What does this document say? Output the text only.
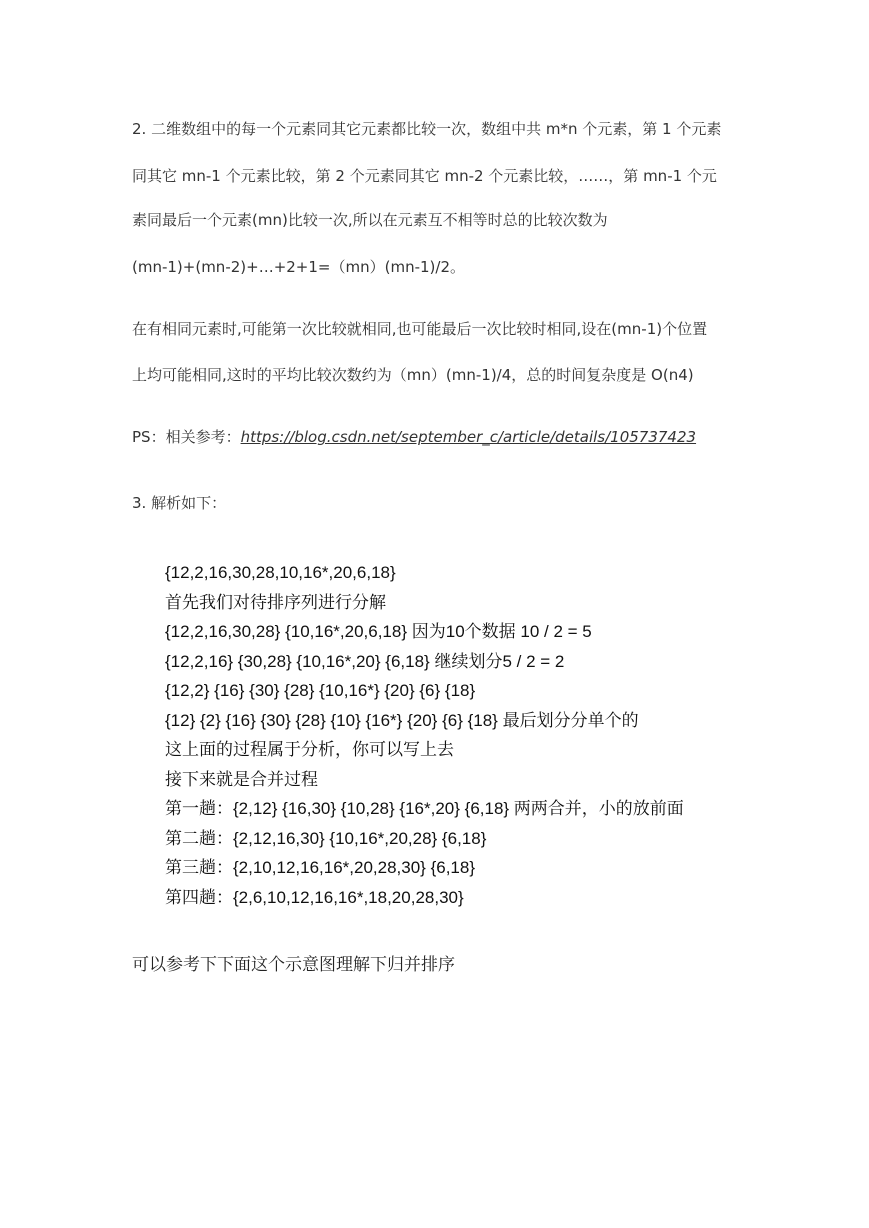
2. 二维数组中的每一个元素同其它元素都比较一次，数组中共 m*n 个元素，第 1 个元素
同其它 mn-1 个元素比较，第 2 个元素同其它 mn-2 个元素比较，……，第 mn-1 个元
素同最后一个元素(mn)比较一次,所以在元素互不相等时总的比较次数为
(mn-1)+(mn-2)+…+2+1=（mn）(mn-1)/2。
在有相同元素时,可能第一次比较就相同,也可能最后一次比较时相同,设在(mn-1)个位置
上均可能相同,这时的平均比较次数约为（mn）(mn-1)/4，总的时间复杂度是 O(n4)
PS：相关参考：https://blog.csdn.net/september_c/article/details/105737423
3. 解析如下：
{12,2,16,30,28,10,16*,20,6,18}
首先我们对待排序列进行分解
{12,2,16,30,28} {10,16*,20,6,18} 因为10个数据 10 / 2 = 5
{12,2,16} {30,28} {10,16*,20} {6,18} 继续划分5 / 2 = 2
{12,2} {16} {30} {28} {10,16*} {20} {6} {18}
{12} {2} {16} {30} {28} {10} {16*} {20} {6} {18} 最后划分分单个的
这上面的过程属于分析，你可以写上去
接下来就是合并过程
第一趟：{2,12} {16,30} {10,28} {16*,20} {6,18} 两两合并，小的放前面
第二趟：{2,12,16,30} {10,16*,20,28} {6,18}
第三趟：{2,10,12,16,16*,20,28,30} {6,18}
第四趟：{2,6,10,12,16,16*,18,20,28,30}
可以参考下下面这个示意图理解下归并排序
